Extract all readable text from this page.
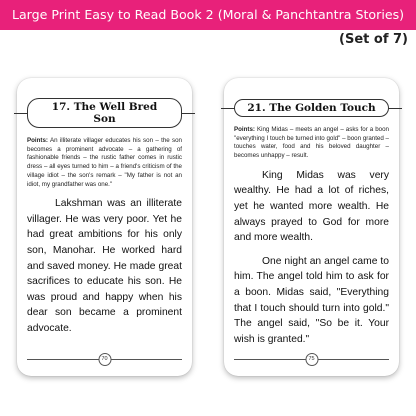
Large Print Easy to Read Book 2 (Moral & Panchtantra Stories)
(Set of 7)
17. The Well Bred Son
Points: An illiterate villager educates his son – the son becomes a prominent advocate – a gathering of fashionable friends – the rustic father comes in rustic dress – all eyes turned to him – a friend's criticism of the village idiot – the son's remark – "My father is not an idiot, my grandfather was one."

Lakshman was an illiterate villager. He was very poor. Yet he had great ambitions for his only son, Manohar. He worked hard and saved money. He made great sacrifices to educate his son. He was proud and happy when his dear son became a prominent advocate.

70
21. The Golden Touch
Points: King Midas – meets an angel – asks for a boon "everything I touch be turned into gold" – boon granted – touches water, food and his beloved daughter – becomes unhappy – result.

King Midas was very wealthy. He had a lot of riches, yet he wanted more wealth. He always prayed to God for more and more wealth.

One night an angel came to him. The angel told him to ask for a boon. Midas said, "Everything that I touch should turn into gold." The angel said, "So be it. Your wish is granted."

75
